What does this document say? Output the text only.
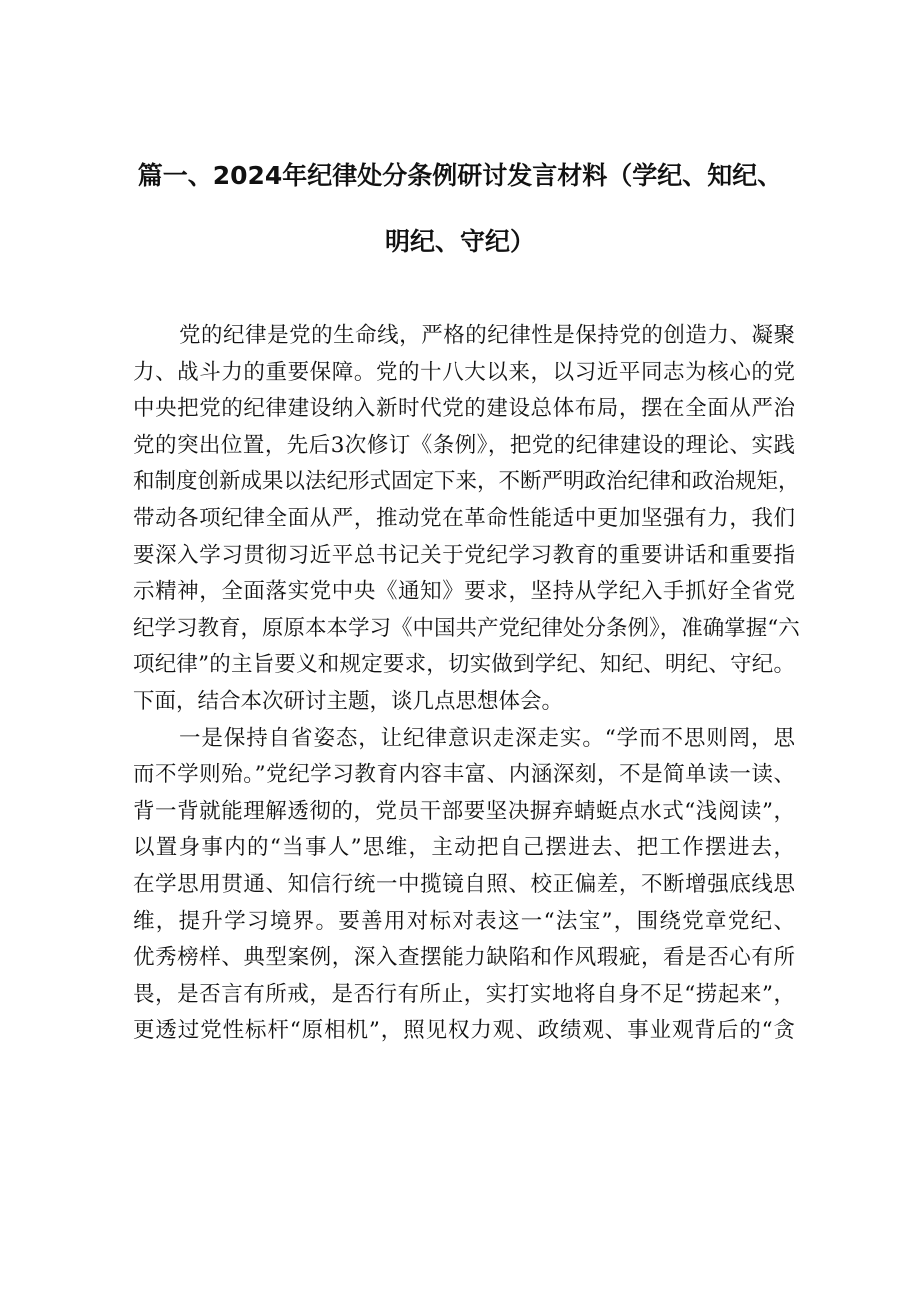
篇一、2024年纪律处分条例研讨发言材料（学纪、知纪、
明纪、守纪）
党的纪律是党的生命线，严格的纪律性是保持党的创造力、凝聚
力、战斗力的重要保障。党的十八大以来，以习近平同志为核心的党
中央把党的纪律建设纳入新时代党的建设总体布局，摆在全面从严治
党的突出位置，先后3次修订《条例》，把党的纪律建设的理论、实践
和制度创新成果以法纪形式固定下来，不断严明政治纪律和政治规矩，
带动各项纪律全面从严，推动党在革命性能适中更加坚强有力，我们
要深入学习贯彻习近平总书记关于党纪学习教育的重要讲话和重要指
示精神，全面落实党中央《通知》要求，坚持从学纪入手抓好全省党
纪学习教育，原原本本学习《中国共产党纪律处分条例》，准确掌握“六
项纪律”的主旨要义和规定要求，切实做到学纪、知纪、明纪、守纪。
下面，结合本次研讨主题，谈几点思想体会。
一是保持自省姿态，让纪律意识走深走实。“学而不思则罔，思
而不学则殆。”党纪学习教育内容丰富、内涵深刻，不是简单读一读、
背一背就能理解透彻的，党员干部要坚决摒弃蜻蜓点水式“浅阅读”，
以置身事内的“当事人”思维，主动把自己摆进去、把工作摆进去，
在学思用贯通、知信行统一中揽镜自照、校正偏差，不断增强底线思
维，提升学习境界。要善用对标对表这一“法宝”，围绕党章党纪、
优秀榜样、典型案例，深入查摆能力缺陷和作风瑕疵，看是否心有所
畏，是否言有所戒，是否行有所止，实打实地将自身不足“捞起来”，
更透过党性标杆“原相机”，照见权力观、政绩观、事业观背后的“贪
